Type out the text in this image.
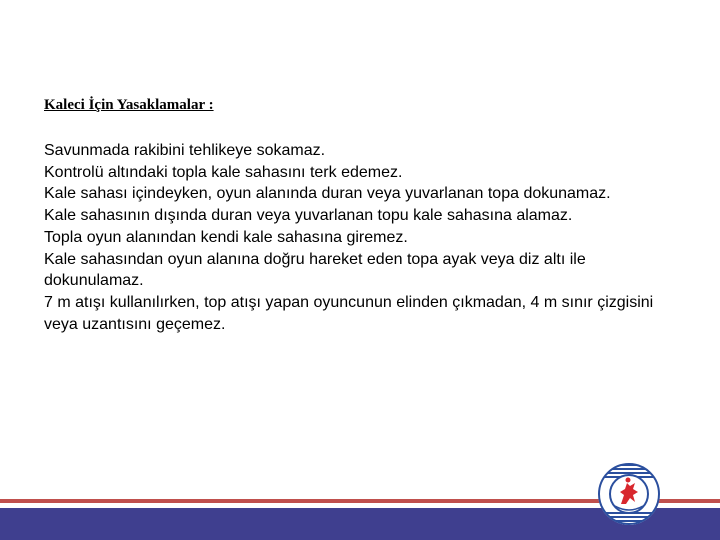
Kaleci İçin Yasaklamalar :

Savunmada rakibini tehlikeye sokamaz.

Kontrolü altındaki topla kale sahasını terk edemez.

Kale sahası içindeyken, oyun alanında duran veya yuvarlanan topa dokunamaz.

Kale sahasının dışında duran veya yuvarlanan topu kale sahasına alamaz.

Topla oyun alanından kendi kale sahasına giremez.

Kale sahasından oyun alanına doğru hareket eden topa ayak veya diz altı ile dokunulamaz.

7 m atışı kullanılırken, top atışı yapan oyuncunun elinden çıkmadan, 4 m sınır çizgisini veya uzantısını geçemez.
